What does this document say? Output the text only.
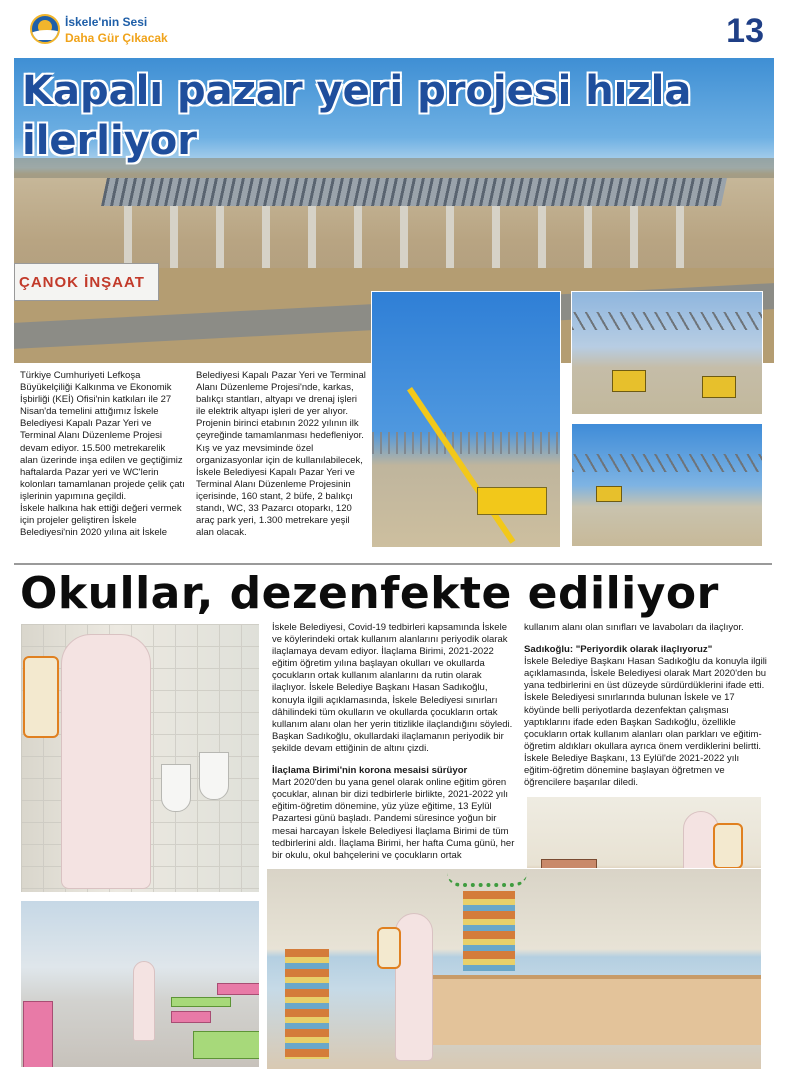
İskele'nin Sesi
Daha Gür Çıkacak	13
ÇANOK İNŞAAT
Kapalı pazar yeri projesi hızla ilerliyor

Türkiye Cumhuriyeti Lefkoşa Büyükelçiliği Kalkınma ve Ekonomik İşbirliği (KEİ) Ofisi'nin katkıları ile 27 Nisan'da temelini attığımız İskele Belediyesi Kapalı Pazar Yeri ve Terminal Alanı Düzenleme Projesi devam ediyor. 15.500 metrekarelik alan üzerinde inşa edilen ve geçtiğimiz haftalarda Pazar yeri ve WC'lerin kolonları tamamlanan projede çelik çatı işlerinin yapımına geçildi.

İskele halkına hak ettiği değeri vermek için projeler geliştiren İskele Belediyesi'nin 2020 yılına ait İskele

Belediyesi Kapalı Pazar Yeri ve Terminal Alanı Düzenleme Projesi'nde, karkas, balıkçı stantları, altyapı ve drenaj işleri ile elektrik altyapı işleri de yer alıyor. Projenin birinci etabının 2022 yılının ilk çeyreğinde tamamlanması hedefleniyor.

Kış ve yaz mevsiminde özel organizasyonlar için de kullanılabilecek, İskele Belediyesi Kapalı Pazar Yeri ve Terminal Alanı Düzenleme Projesinin içerisinde, 160 stant, 2 büfe, 2 balıkçı standı, WC, 33 Pazarcı otoparkı, 120 araç park yeri, 1.300 metrekare yeşil alan olacak.

Okullar, dezenfekte ediliyor

İskele Belediyesi, Covid-19 tedbirleri kapsamında İskele ve köylerindeki ortak kullanım alanlarını periyodik olarak ilaçlamaya devam ediyor. İlaçlama Birimi, 2021-2022 eğitim öğretim yılına başlayan okulları ve okullarda çocukların ortak kullanım alanlarını da rutin olarak ilaçlıyor. İskele Belediye Başkanı Hasan Sadıkoğlu, konuyla ilgili açıklamasında, İskele Belediyesi sınırları dâhilindeki tüm okulların ve okullarda çocukların ortak kullanım alanı olan her yerin titizlikle ilaçlandığını söyledi. Başkan Sadıkoğlu, okullardaki ilaçlamanın periyodik bir şekilde devam ettiğinin de altını çizdi.

İlaçlama Birimi'nin korona mesaisi sürüyor

Mart 2020'den bu yana genel olarak online eğitim gören çocuklar, alınan bir dizi tedbirlerle birlikte, 2021-2022 yılı eğitim-öğretim dönemine, yüz yüze eğitime, 13 Eylül Pazartesi günü başladı. Pandemi süresince yoğun bir mesai harcayan İskele Belediyesi İlaçlama Birimi de tüm tedbirlerini aldı. İlaçlama Birimi, her hafta Cuma günü, her bir okulu, okul bahçelerini ve çocukların ortak

kullanım alanı olan sınıfları ve lavaboları da ilaçlıyor.

Sadıkoğlu: "Periyordik olarak ilaçlıyoruz"

İskele Belediye Başkanı Hasan Sadıkoğlu da konuyla ilgili açıklamasında, İskele Belediyesi olarak Mart 2020'den bu yana tedbirlerini en üst düzeyde sürdürdüklerini ifade etti. İskele Belediyesi sınırlarında bulunan İskele ve 17 köyünde belli periyotlarda dezenfektan çalışması yaptıklarını ifade eden Başkan Sadıkoğlu, özellikle çocukların ortak kullanım alanları olan parkları ve eğitim-öğretim aldıkları okullara ayrıca önem verdiklerini belirtti. İskele Belediye Başkanı, 13 Eylül'de 2021-2022 yılı eğitim-öğretim dönemine başlayan öğretmen ve öğrencilere başarılar diledi.
